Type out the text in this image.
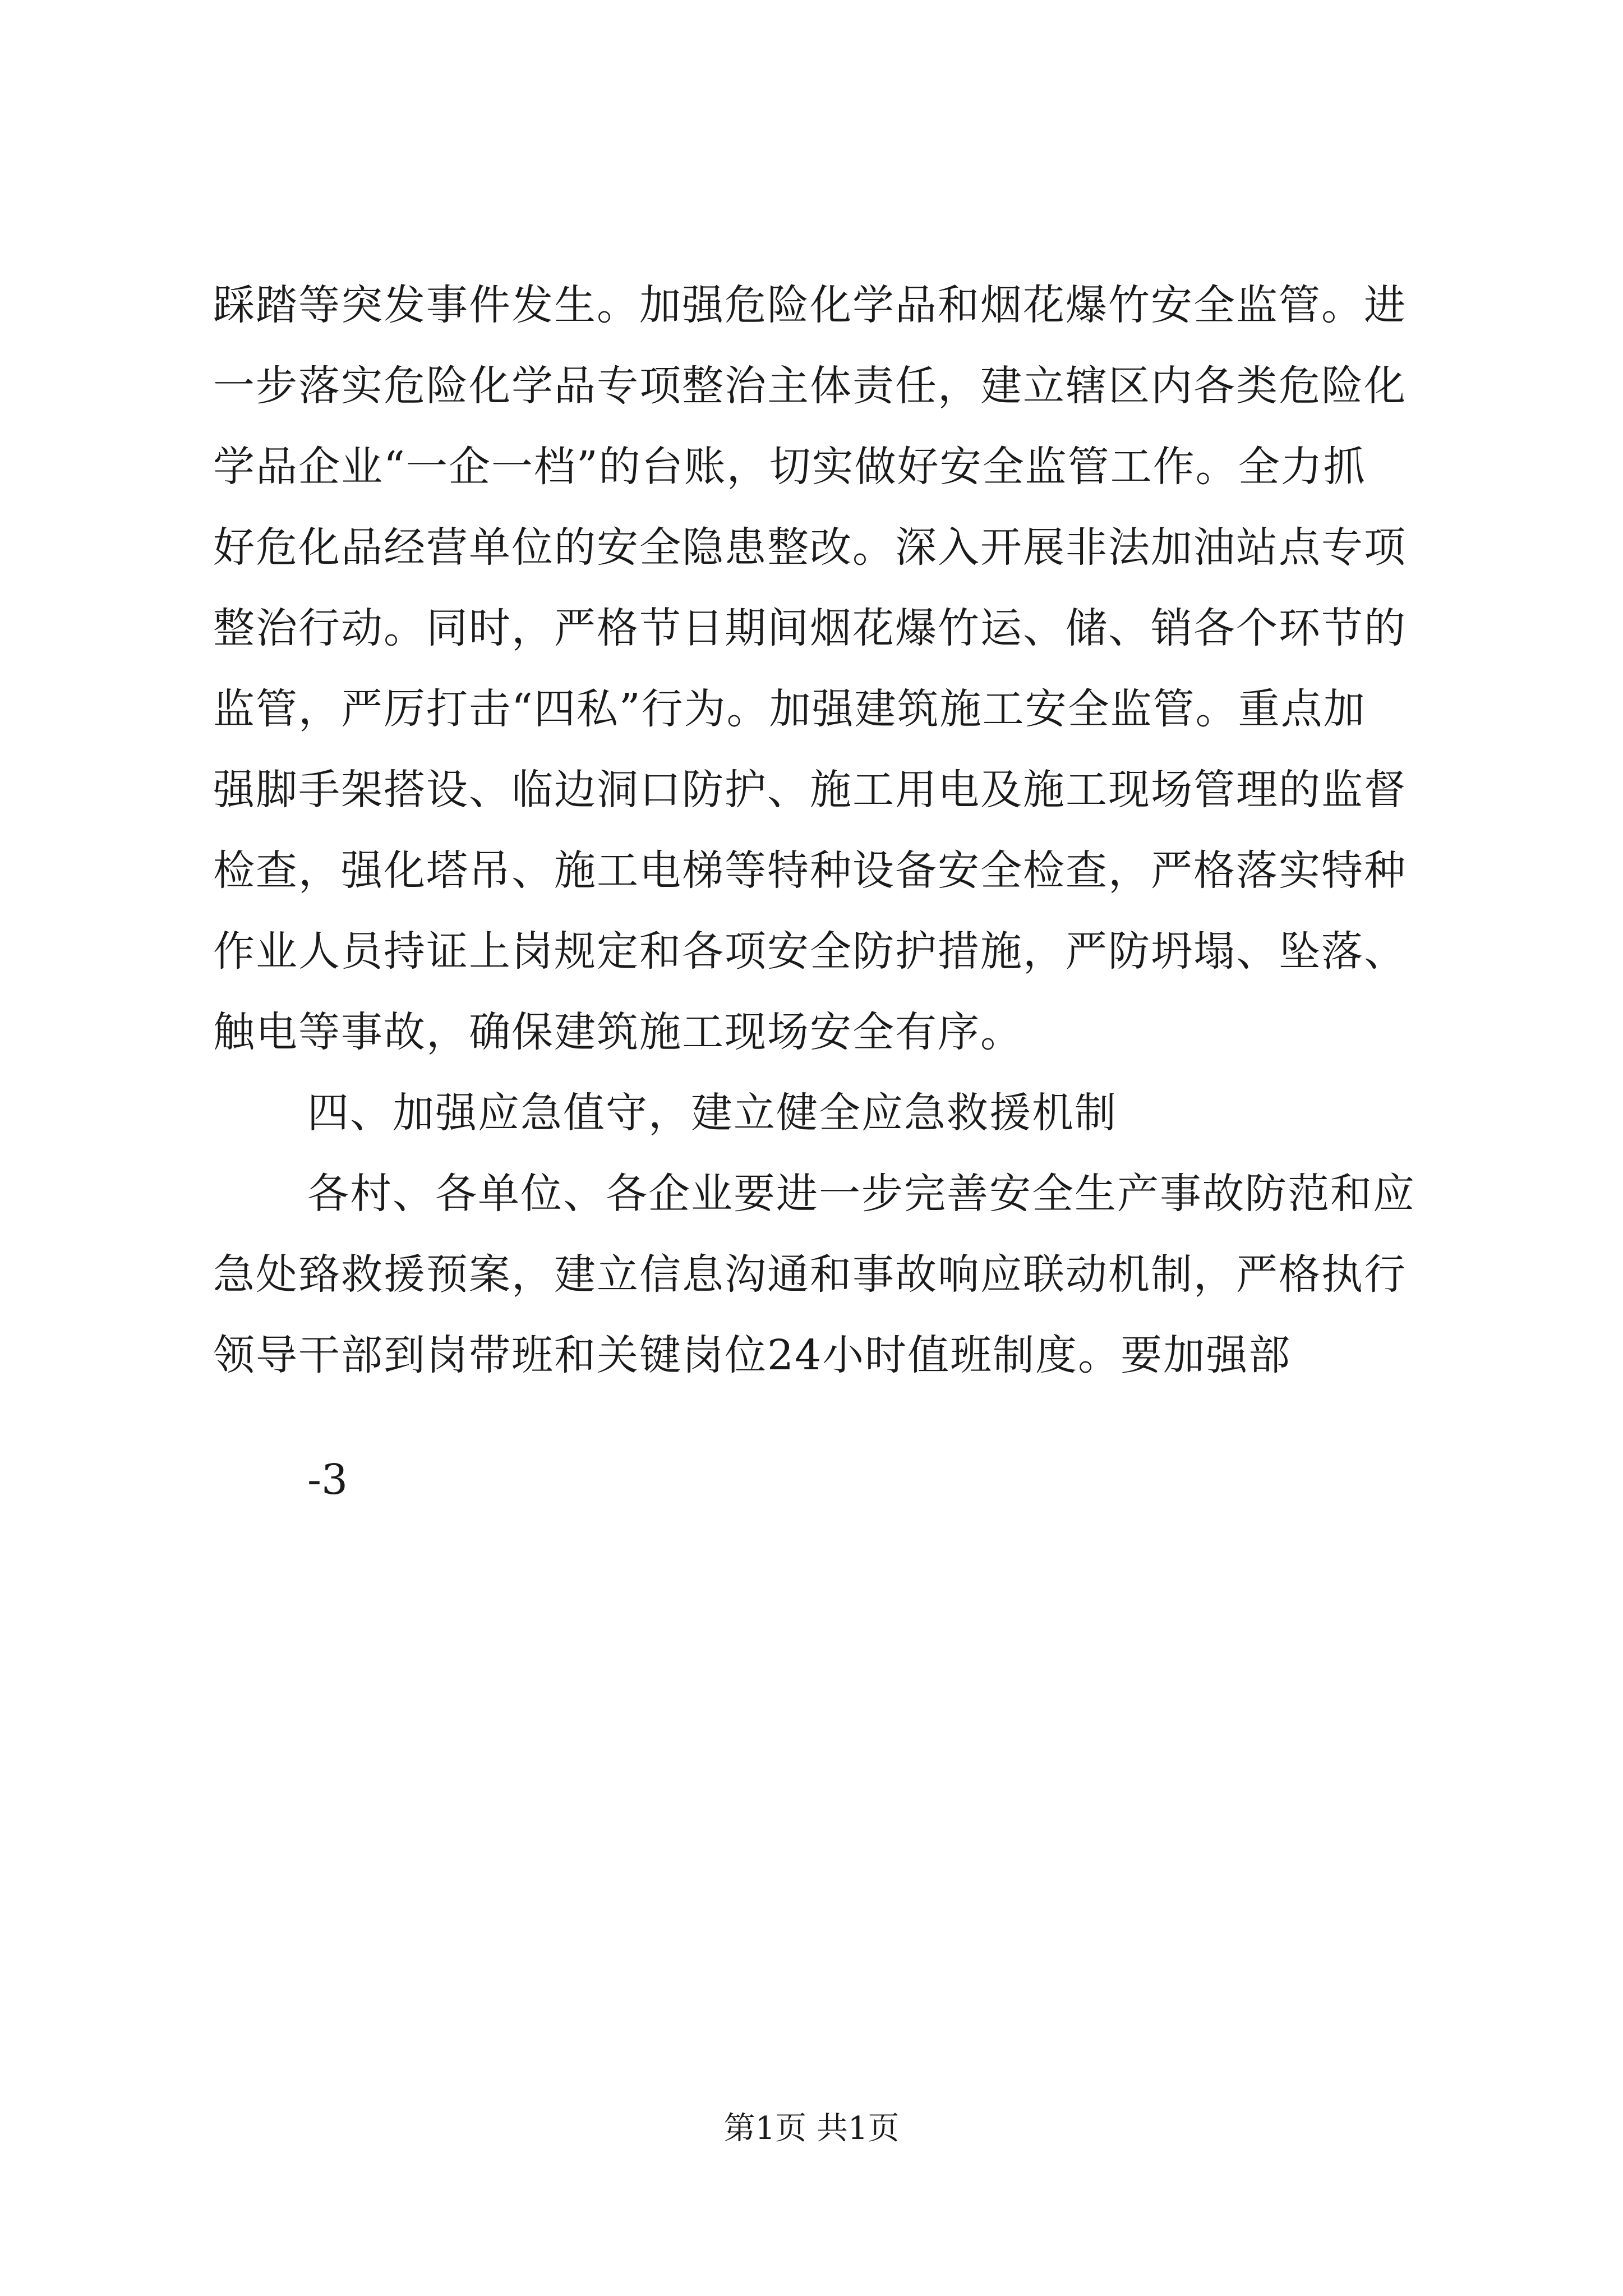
踩踏等突发事件发生。加强危险化学品和烟花爆竹安全监管。进
一步落实危险化学品专项整治主体责任，建立辖区内各类危险化
学品企业“一企一档”的台账，切实做好安全监管工作。全力抓
好危化品经营单位的安全隐患整改。深入开展非法加油站点专项
整治行动。同时，严格节日期间烟花爆竹运、储、销各个环节的
监管，严厉打击“四私”行为。加强建筑施工安全监管。重点加
强脚手架搭设、临边洞口防护、施工用电及施工现场管理的监督
检查，强化塔吊、施工电梯等特种设备安全检查，严格落实特种
作业人员持证上岗规定和各项安全防护措施，严防坍塌、坠落、
触电等事故，确保建筑施工现场安全有序。
四、加强应急值守，建立健全应急救援机制
各村、各单位、各企业要进一步完善安全生产事故防范和应
急处臵救援预案，建立信息沟通和事故响应联动机制，严格执行
领导干部到岗带班和关键岗位24小时值班制度。要加强部
-3
第1页 共1页
